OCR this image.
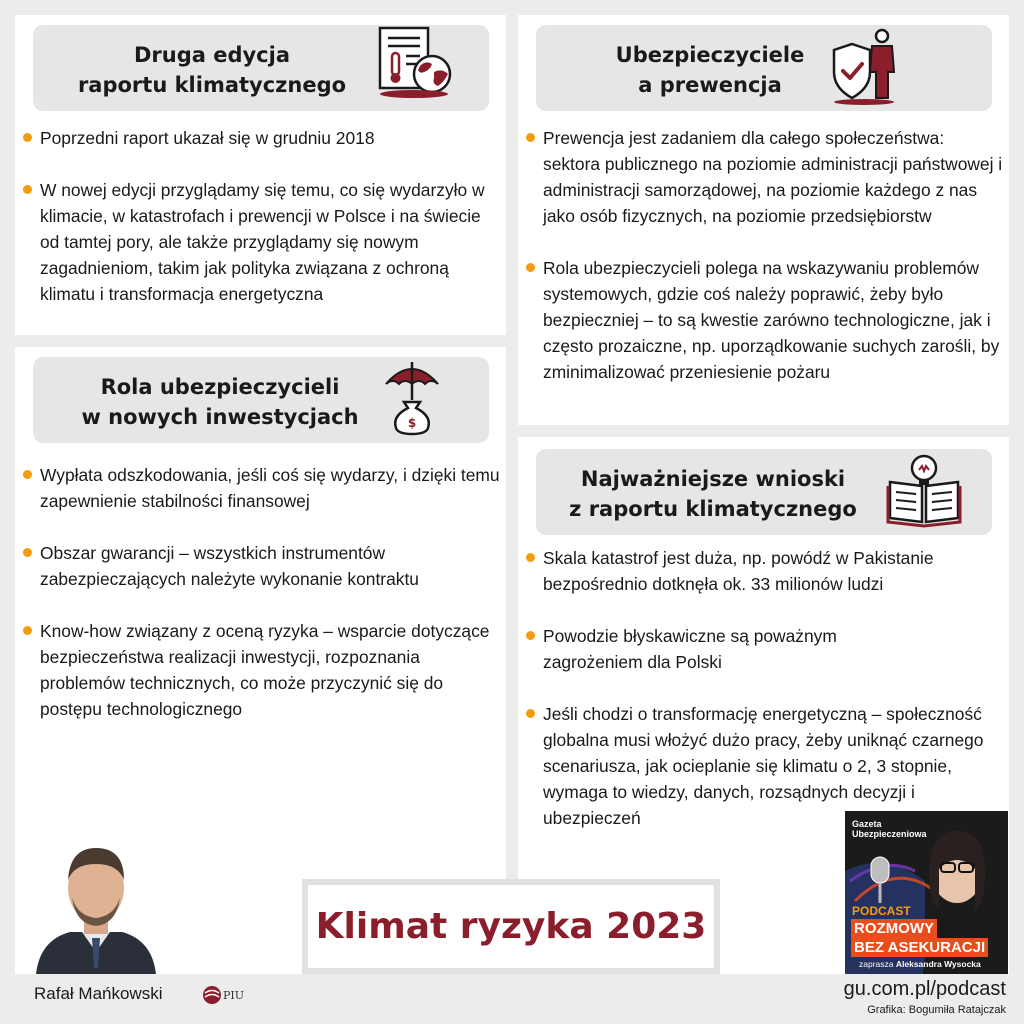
Druga edycja
raportu klimatycznego
Poprzedni raport ukazał się w grudniu 2018
W nowej edycji przyglądamy się temu, co się wydarzyło w klimacie, w katastrofach i prewencji w Polsce i na świecie od tamtej pory, ale także przyglądamy się nowym zagadnieniom, takim jak polityka związana z ochroną klimatu i transformacja energetyczna
Ubezpieczyciele
a prewencja
Prewencja jest zadaniem dla całego społeczeństwa: sektora publicznego na poziomie administracji państwowej i administracji samorządowej, na poziomie każdego z nas jako osób fizycznych, na poziomie przedsiębiorstw
Rola ubezpieczycieli polega na wskazywaniu problemów systemowych, gdzie coś należy poprawić, żeby było bezpieczniej – to są kwestie zarówno technologiczne, jak i często prozaiczne, np. uporządkowanie suchych zarośli, by zminimalizować przeniesienie pożaru
Rola ubezpieczycieli
w nowych inwestycjach	$
Wypłata odszkodowania, jeśli coś się wydarzy, i dzięki temu zapewnienie stabilności finansowej
Obszar gwarancji – wszystkich instrumentów zabezpieczających należyte wykonanie kontraktu
Know-how związany z oceną ryzyka – wsparcie dotyczące bezpieczeństwa realizacji inwestycji, rozpoznania problemów technicznych, co może przyczynić się do postępu technologicznego
Najważniejsze wnioski
z raportu klimatycznego
Skala katastrof jest duża, np. powódź w Pakistanie bezpośrednio dotknęła ok. 33 milionów ludzi
Powodzie błyskawiczne są poważnym zagrożeniem dla Polski
Jeśli chodzi o transformację energetyczną – społeczność globalna musi włożyć dużo pracy, żeby uniknąć czarnego scenariusza, jak ocieplanie się klimatu o 2, 3 stopnie, wymaga to wiedzy, danych, rozsądnych decyzji i ubezpieczeń
Rafał Mańkowski	PIU
Klimat ryzyka 2023
Gazeta
Ubezpieczeniowa
PODCAST
ROZMOWY
BEZ ASEKURACJI
zaprasza Aleksandra Wysocka
gu.com.pl/podcast
Grafika: Bogumiła Ratajczak
